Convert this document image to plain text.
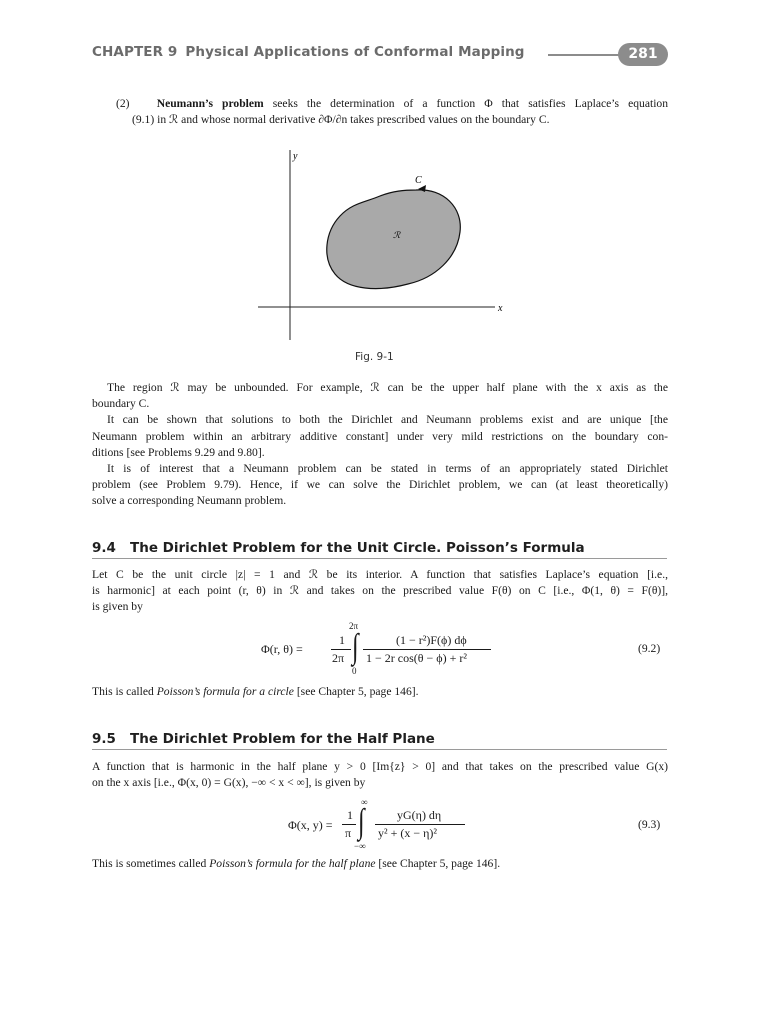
CHAPTER 9 Physical Applications of Conformal Mapping	281
(2) Neumann’s problem seeks the determination of a function Φ that satisfies Laplace’s equation
(9.1) in ℛ and whose normal derivative ∂Φ/∂n takes prescribed values on the boundary C.
y
x
C
ℛ
Fig. 9-1
The region ℛ may be unbounded. For example, ℛ can be the upper half plane with the x axis as the
boundary C.
It can be shown that solutions to both the Dirichlet and Neumann problems exist and are unique [the
Neumann problem within an arbitrary additive constant] under very mild restrictions on the boundary con-
ditions [see Problems 9.29 and 9.80].
It is of interest that a Neumann problem can be stated in terms of an appropriately stated Dirichlet
problem (see Problem 9.79). Hence, if we can solve the Dirichlet problem, we can (at least theoretically)
solve a corresponding Neumann problem.
9.4 The Dirichlet Problem for the Unit Circle. Poisson’s Formula
Let C be the unit circle |z| = 1 and ℛ be its interior. A function that satisfies Laplace’s equation [i.e.,
is harmonic] at each point (r, θ) in ℛ and takes on the prescribed value F(θ) on C [i.e., Φ(1, θ) = F(θ)],
is given by
Φ(r, θ) =
1
2π
2π
∫
0
(1 − r²)F(ϕ) dϕ
1 − 2r cos(θ − ϕ) + r²
(9.2)
This is called Poisson’s formula for a circle [see Chapter 5, page 146].
9.5 The Dirichlet Problem for the Half Plane
A function that is harmonic in the half plane y > 0 [Im{z} > 0] and that takes on the prescribed value G(x)
on the x axis [i.e., Φ(x, 0) = G(x), −∞ < x < ∞], is given by
Φ(x, y) =
1
π
∞
∫
−∞
yG(η) dη
y² + (x − η)²
(9.3)
This is sometimes called Poisson’s formula for the half plane [see Chapter 5, page 146].
